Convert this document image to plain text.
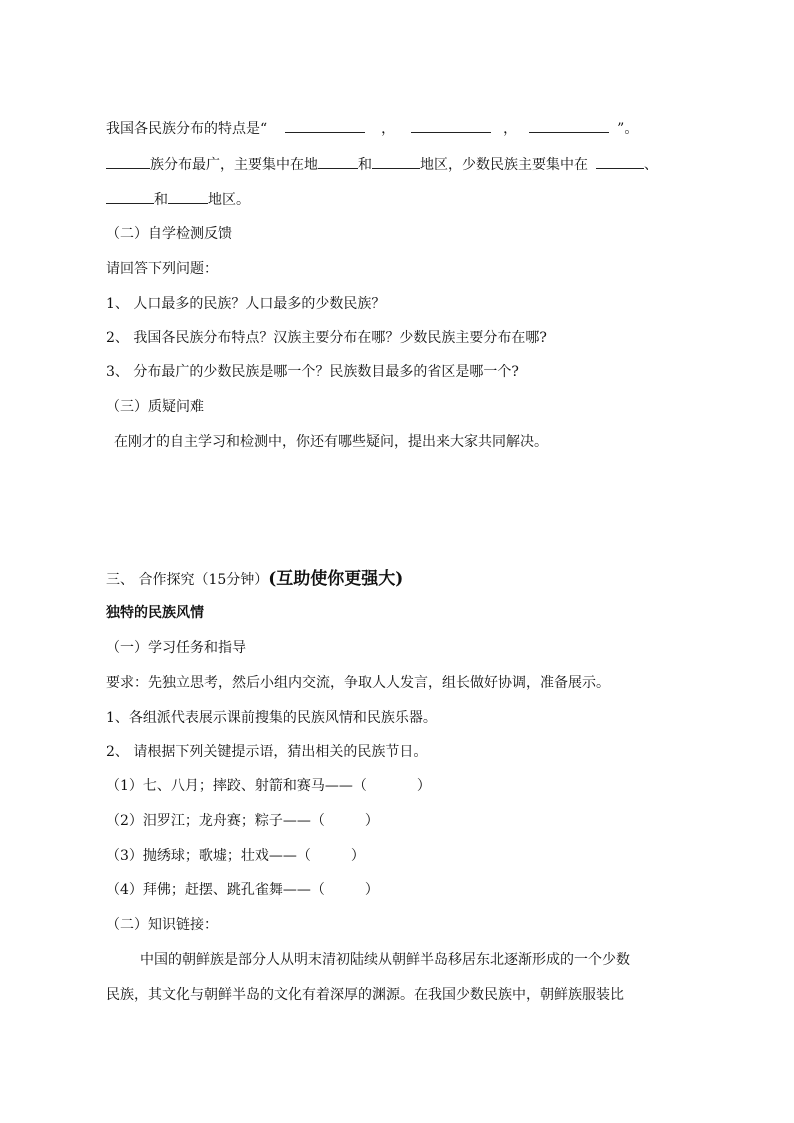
我国各民族分布的特点是“	，	，	”。
族分布最广，主要集中在地	和	地区，少数民族主要集中在	、
和	地区。
（二）自学检测反馈
请回答下列问题：
1、 人口最多的民族？人口最多的少数民族？
2、 我国各民族分布特点？汉族主要分布在哪？少数民族主要分布在哪?
3、 分布最广的少数民族是哪一个？民族数目最多的省区是哪一个?
（三）质疑问难
在刚才的自主学习和检测中，你还有哪些疑问，提出来大家共同解决。
三、 合作探究（15分钟）(互助使你更强大)
独特的民族风情
（一）学习任务和指导
要求：先独立思考，然后小组内交流，争取人人发言，组长做好协调，准备展示。
1、各组派代表展示课前搜集的民族风情和民族乐器。
2、 请根据下列关键提示语，猜出相关的民族节日。
（1）七、八月；摔跤、射箭和赛马——（	）
（2）汨罗江；龙舟赛；粽子——（	）
（3）抛绣球；歌墟；壮戏——（	）
（4）拜佛；赶摆、跳孔雀舞——（	）
（二）知识链接：
中国的朝鲜族是部分人从明末清初陆续从朝鲜半岛移居东北逐渐形成的一个少数
民族，其文化与朝鲜半岛的文化有着深厚的渊源。在我国少数民族中，朝鲜族服装比
